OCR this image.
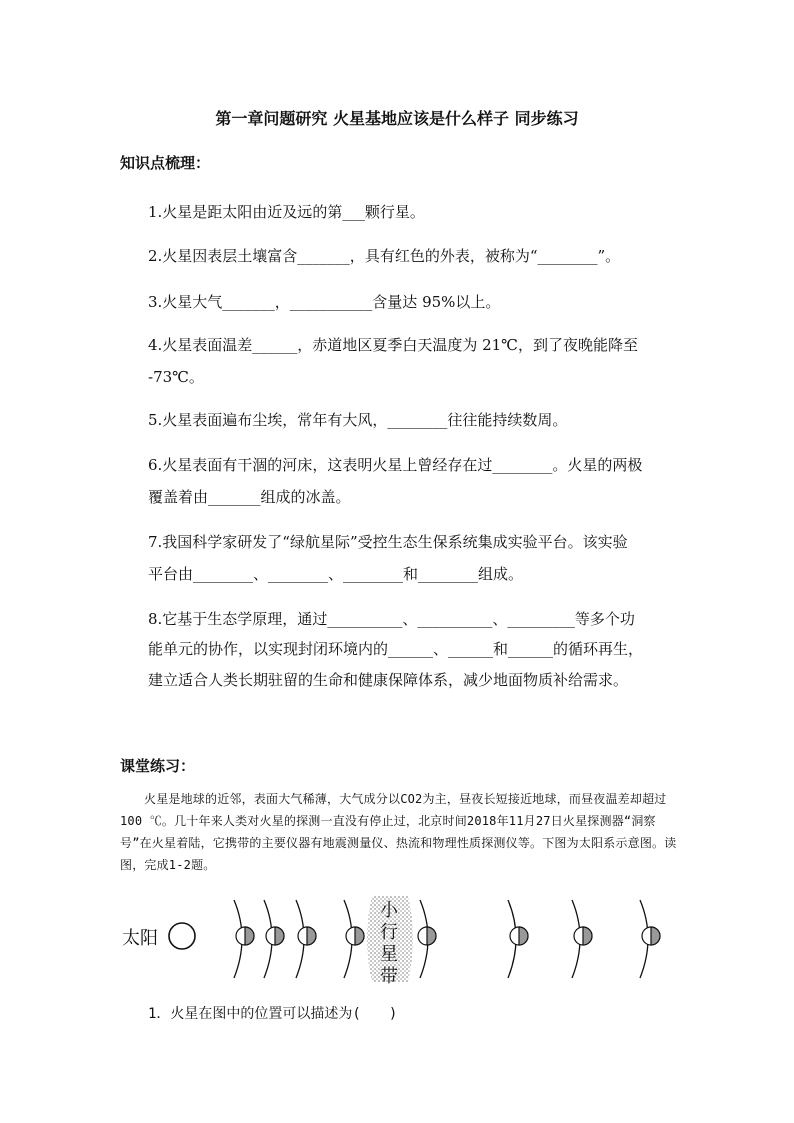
第一章问题研究 火星基地应该是什么样子 同步练习
知识点梳理：
1.火星是距太阳由近及远的第___颗行星。
2.火星因表层土壤富含_______，具有红色的外表，被称为“________”。
3.火星大气_______，___________含量达 95%以上。
4.火星表面温差______，赤道地区夏季白天温度为 21℃，到了夜晚能降至
-73℃。
5.火星表面遍布尘埃，常年有大风，________往往能持续数周。
6.火星表面有干涸的河床，这表明火星上曾经存在过________。火星的两极
覆盖着由_______组成的冰盖。
7.我国科学家研发了“绿航星际”受控生态生保系统集成实验平台。该实验
平台由________、________、________和________组成。
8.它基于生态学原理，通过__________、__________、_________等多个功
能单元的协作，以实现封闭环境内的______、______和______的循环再生，
建立适合人类长期驻留的生命和健康保障体系，减少地面物质补给需求。
课堂练习：
火星是地球的近邻，表面大气稀薄，大气成分以CO2为主，昼夜长短接近地球，而昼夜温差却超过100 ℃。几十年来人类对火星的探测一直没有停止过，北京时间2018年11月27日火星探测器“洞察号”在火星着陆，它携带的主要仪器有地震测量仪、热流和物理性质探测仪等。下图为太阳系示意图。读图，完成1-2题。
太阳
小
行
星
带
1．火星在图中的位置可以描述为(　　)
